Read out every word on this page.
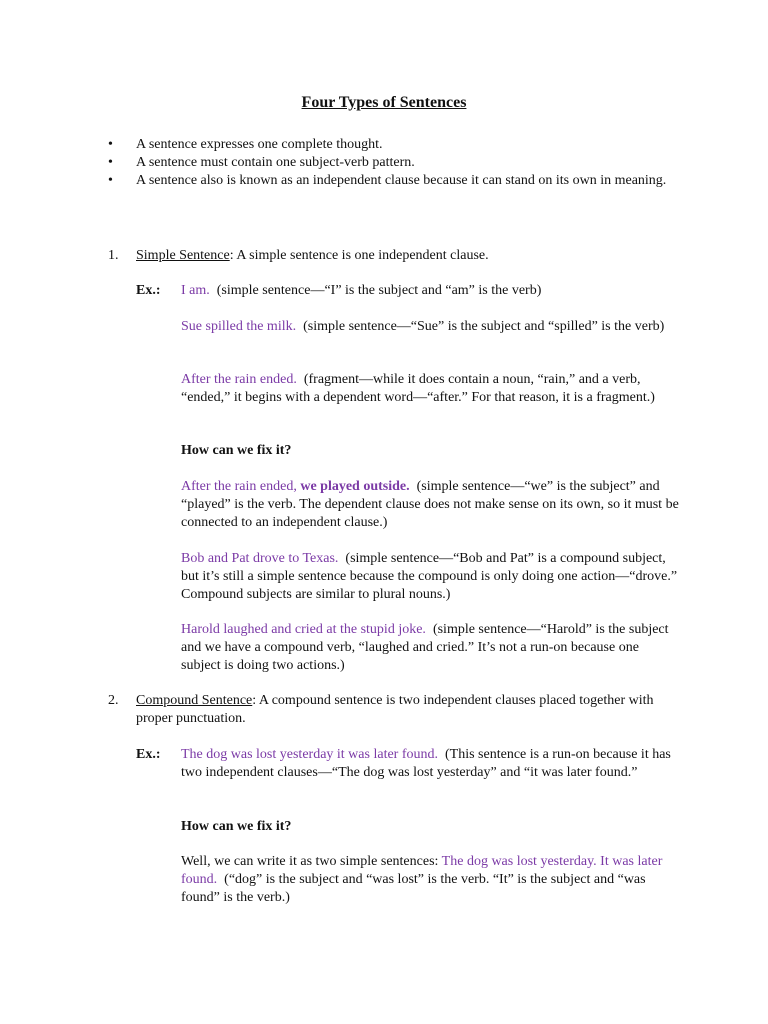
Four Types of Sentences
•
A sentence expresses one complete thought.
•
A sentence must contain one subject-verb pattern.
•
A sentence also is known as an independent clause because it can stand on its own in meaning.
1.	Simple Sentence: A simple sentence is one independent clause.
Ex.: I am. (simple sentence—“I” is the subject and “am” is the verb)
Sue spilled the milk. (simple sentence—“Sue” is the subject and “spilled” is the verb)
After the rain ended. (fragment—while it does contain a noun, “rain,” and a verb, “ended,” it begins with a dependent word—“after.” For that reason, it is a fragment.)
How can we fix it?
After the rain ended, we played outside. (simple sentence—“we” is the subject” and “played” is the verb. The dependent clause does not make sense on its own, so it must be connected to an independent clause.)
Bob and Pat drove to Texas. (simple sentence—“Bob and Pat” is a compound subject, but it’s still a simple sentence because the compound is only doing one action—“drove.” Compound subjects are similar to plural nouns.)
Harold laughed and cried at the stupid joke. (simple sentence—“Harold” is the subject and we have a compound verb, “laughed and cried.” It’s not a run-on because one subject is doing two actions.)
2.	Compound Sentence: A compound sentence is two independent clauses placed together with proper punctuation.
Ex.: The dog was lost yesterday it was later found. (This sentence is a run-on because it has two independent clauses—“The dog was lost yesterday” and “it was later found.”
How can we fix it?
Well, we can write it as two simple sentences: The dog was lost yesterday. It was later found. (“dog” is the subject and “was lost” is the verb. “It” is the subject and “was found” is the verb.)
